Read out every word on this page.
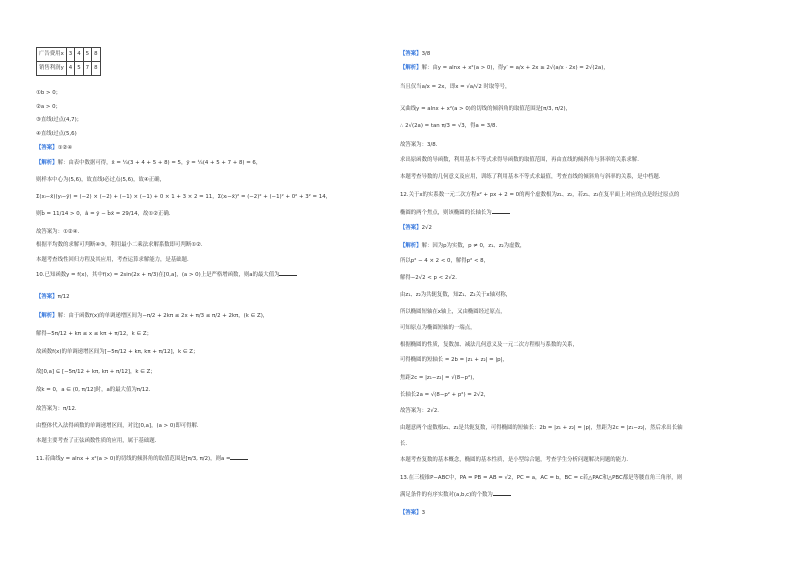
广告费用x	3	4	5	8
销售利润y	4	5	7	8
①b > 0；
②a > 0；
③直线l过点(4,7)；
④直线l过点(5,6)
【答案】①②④
【解析】解：由表中数据可得，x̄ = ¼(3 + 4 + 5 + 8) = 5，ȳ = ¼(4 + 5 + 7 + 8) = 6，
则样本中心为(5,6)，故直线l必过点(5,6)，故④正确，
Σ(xᵢ−x̄)(yᵢ−ȳ) = (−2) × (−2) + (−1) × (−1) + 0 × 1 + 3 × 2 = 11，Σ(xᵢ−x̄)² = (−2)² + (−1)² + 0² + 3² = 14，
则b̂ = 11/14 > 0，â = ȳ − b̂x̄ = 29/14，故①②正确．
故答案为：①②④．
根据平均数的求解可判断④③，利用最小二乘法求解系数即可判断①②．
本题考查线性回归方程及其应用，考查运算求解能力，是基础题．
10.已知函数y = f(x)，其中f(x) = 2sin(2x + π/3)在[0,a]，(a > 0)上是严格增函数，则a的最大值为
【答案】π/12
【解析】解：由于函数f(x)的单调递增区间为−π/2 + 2kπ ≤ 2x + π/3 ≤ π/2 + 2kπ，(k ∈ Z)，
解得−5π/12 + kπ ≤ x ≤ kπ + π/12，k ∈ Z；
故函数f(x)的单调递增区间为[−5π/12 + kπ, kπ + π/12]，k ∈ Z；
故[0,a] ⊆ [−5π/12 + kπ, kπ + π/12]，k ∈ Z；
故k = 0，a ∈ (0, π/12]时，a的最大值为π/12．
故答案为：π/12．
由整体代入法得函数的单调递增区间，对比[0,a]，(a > 0)即可得解．
本题主要考查了正弦函数性质的应用，属于基础题．
11.若曲线y = alnx + x²(a > 0)的切线的倾斜角的取值范围是[π/3, π/2)，则a =
【答案】3/8
【解析】解：由y = alnx + x²(a > 0)，得y′ = a/x + 2x ≥ 2√(a/x · 2x) = 2√(2a)，
当且仅当a/x = 2x，即x = √a/√2 时取等号，
又曲线y = alnx + x²(a > 0)的切线的倾斜角的取值范围是[π/3, π/2)，
∴ 2√(2a) = tan π/3 = √3，得a = 3/8．
故答案为：3/8．
求出原函数的导函数，利用基本不等式求得导函数的取值范围，再由直线的倾斜角与斜率的关系求解．
本题考查导数的几何意义及应用，训练了利用基本不等式求最值，考查直线的倾斜角与斜率的关系，是中档题．
12.关于x的实系数一元二次方程x² + px + 2 = 0的两个虚数根为z₁、z₂，若z₁、z₂在复平面上对应的点是经过原点的
椭圆的两个焦点，则该椭圆的长轴长为
【答案】2√2
【解析】解：因为p为实数，p ≠ 0，z₁、z₂为虚数，
所以p² − 4 × 2 < 0，解得p² < 8，
解得−2√2 < p < 2√2．
由z₁、z₂为共轭复数，知Z₁、Z₂关于x轴对称，
所以椭圆短轴在x轴上，又由椭圆经过原点，
可知原点为椭圆短轴的一端点，
根据椭圆的性质，复数加、减法几何意义及一元二次方程根与系数的关系，
可得椭圆的短轴长 = 2b = |z₁ + z₂| = |p|，
焦距2c = |z₁−z₂| = √(8−p²)，
长轴长2a = √(8−p² + p²) = 2√2，
故答案为：2√2．
由题意两个虚数根z₁、z₂是共轭复数，可得椭圆的短轴长：2b = |z₁ + z₂| = |p|，焦距为2c = |z₁−z₂|，然后求出长轴
长．
本题考查复数的基本概念，椭圆的基本性质，是小型综合题，考查学生分析问题解决问题的能力．
13.在三棱锥P−ABC中，PA = PB = AB = √2，PC = a，AC = b，BC = c若△PAC和△PBC都是等腰直角三角形，则
满足条件的有序实数对(a,b,c)的个数为
【答案】3
